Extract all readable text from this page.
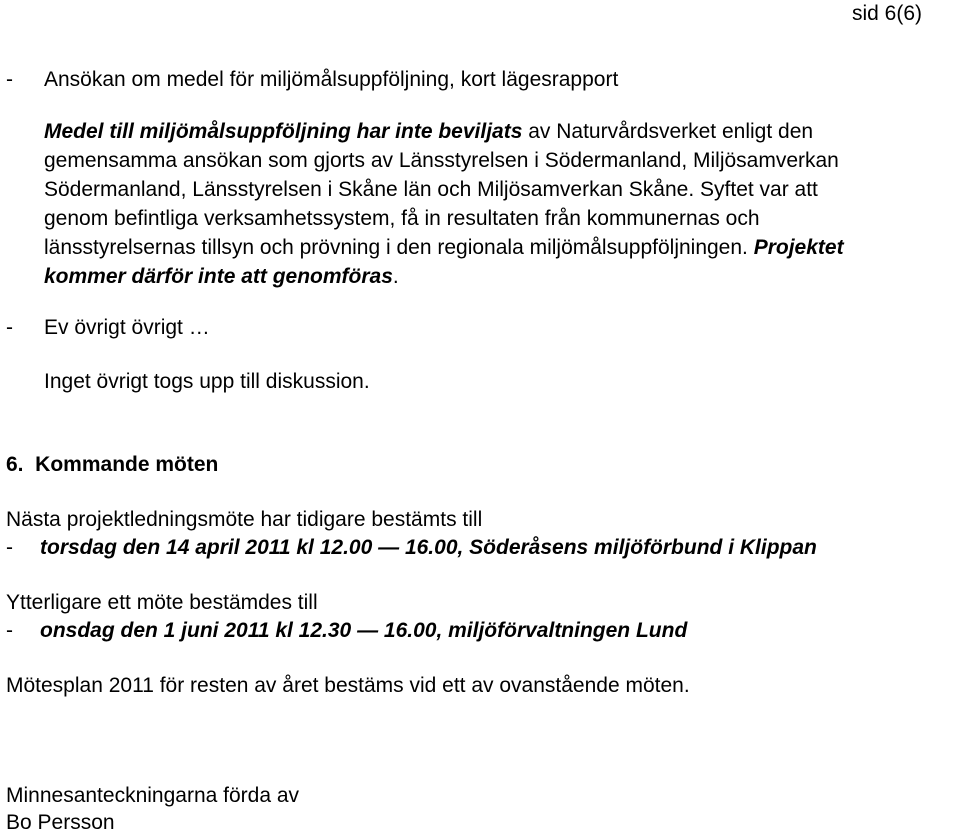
sid 6(6)
- Ansökan om medel för miljömålsuppföljning, kort lägesrapport
Medel till miljömålsuppföljning har inte beviljats av Naturvårdsverket enligt den
gemensamma ansökan som gjorts av Länsstyrelsen i Södermanland, Miljösamverkan
Södermanland, Länsstyrelsen i Skåne län och Miljösamverkan Skåne. Syftet var att
genom befintliga verksamhetssystem, få in resultaten från kommunernas och
länsstyrelsernas tillsyn och prövning i den regionala miljömålsuppföljningen. Projektet
kommer därför inte att genomföras.
- Ev övrigt övrigt …
Inget övrigt togs upp till diskussion.
6.  Kommande möten
Nästa projektledningsmöte har tidigare bestämts till
- torsdag den 14 april 2011 kl 12.00 — 16.00, Söderåsens miljöförbund i Klippan
Ytterligare ett möte bestämdes till
- onsdag den 1 juni 2011 kl 12.30 — 16.00, miljöförvaltningen Lund
Mötesplan 2011 för resten av året bestäms vid ett av ovanstående möten.
Minnesanteckningarna förda av
Bo Persson
